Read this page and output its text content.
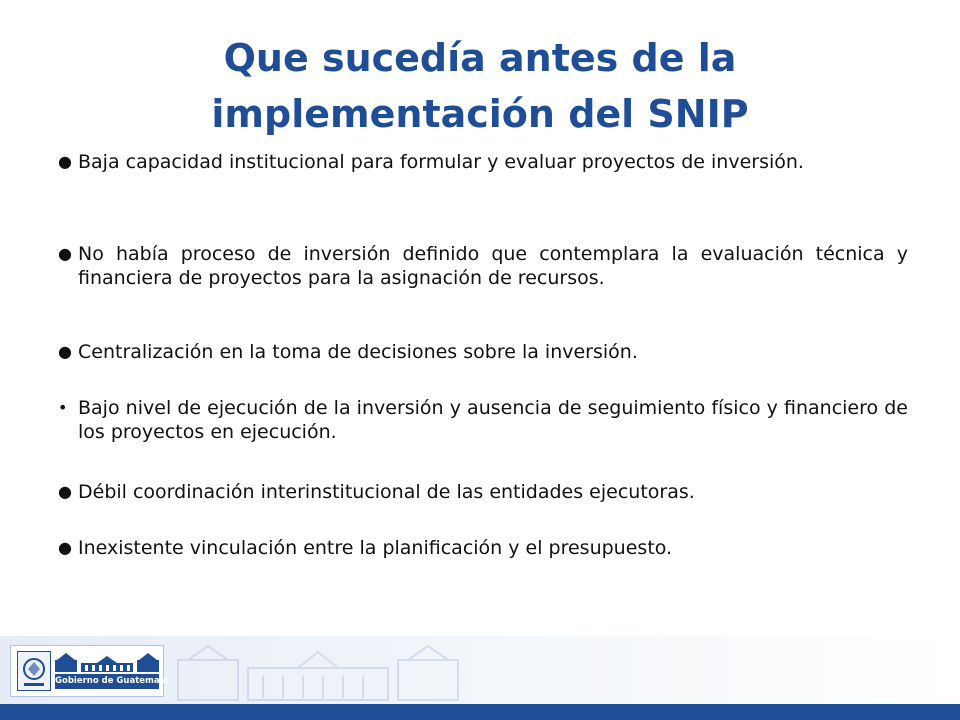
Que sucedía antes de la implementación del SNIP
● Baja capacidad institucional para formular y evaluar proyectos de inversión.
● No había proceso de inversión definido que contemplara la evaluación técnica y financiera de proyectos para la asignación de recursos.
● Centralización en la toma de decisiones sobre la inversión.
• Bajo nivel de ejecución de la inversión y ausencia de seguimiento físico y financiero de los proyectos en ejecución.
● Débil coordinación interinstitucional de las entidades ejecutoras.
● Inexistente vinculación entre la planificación y el presupuesto.
Gobierno de Guatemala
